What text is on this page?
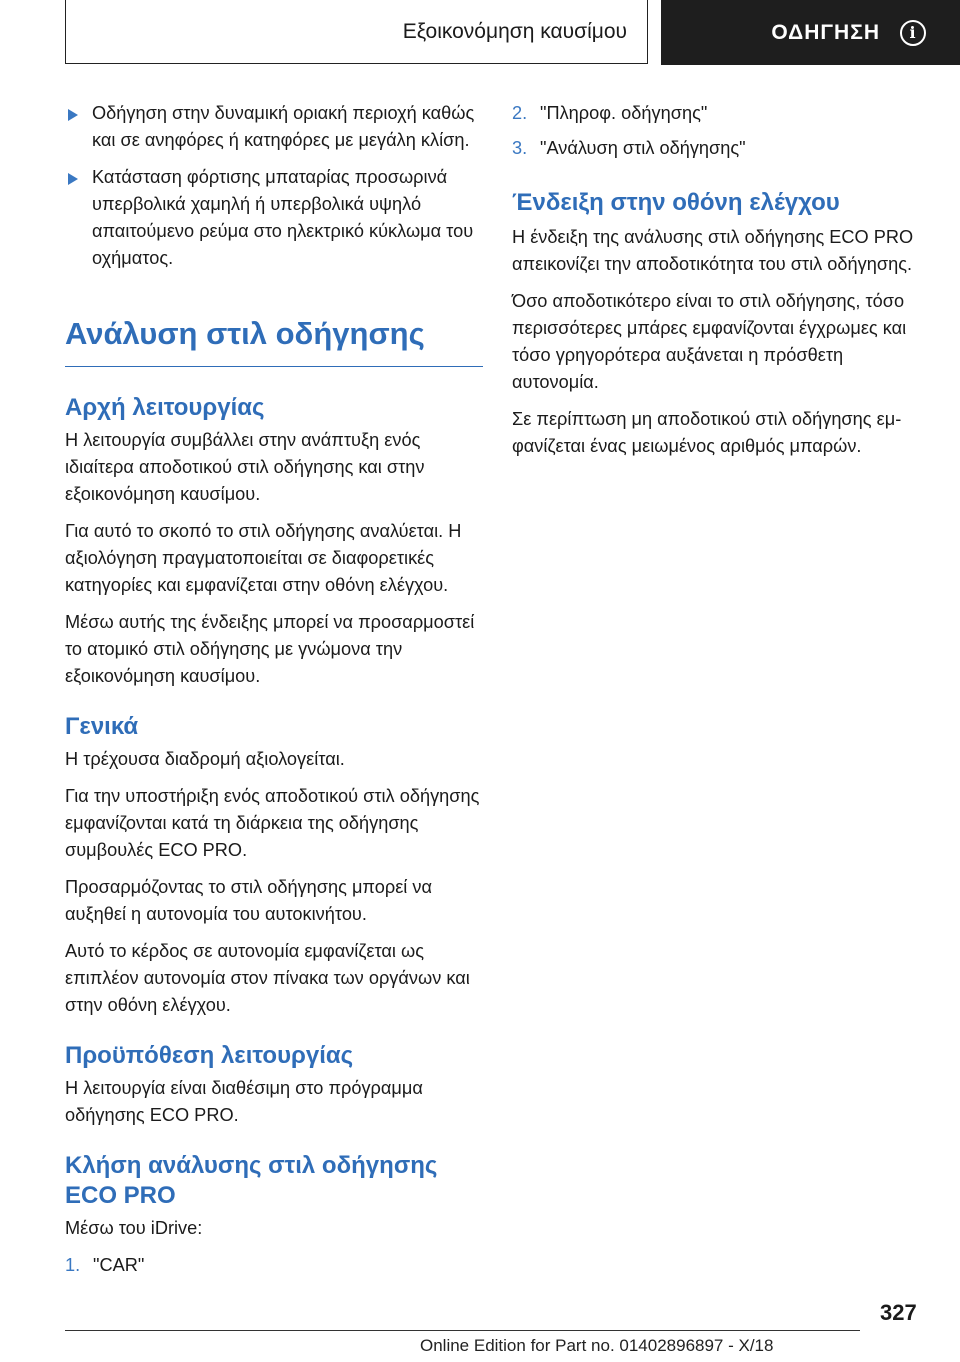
Εξοικονόμηση καυσίμου	ΟΔΗΓΗΣΗ	i
Οδήγηση στην δυναμική οριακή περιοχή καθώς και σε ανηφόρες ή κατηφόρες με μεγάλη κλίση.
Κατάσταση φόρτισης μπαταρίας προσωρινά υπερβολικά χαμηλή ή υπερβολικά υψηλό απαιτούμενο ρεύμα στο ηλεκτρικό κύκλωμα του οχήματος.
Ανάλυση στιλ οδήγησης
Αρχή λειτουργίας

Η λειτουργία συμβάλλει στην ανάπτυξη ενός ιδιαίτερα αποδοτικού στιλ οδήγησης και στην εξοικονόμηση καυσίμου.

Για αυτό το σκοπό το στιλ οδήγησης αναλύεται. Η αξιολόγηση πραγματοποιείται σε διαφορετικές κατηγορίες και εμφανίζεται στην οθόνη ελέγχου.

Μέσω αυτής της ένδειξης μπορεί να προσαρμοστεί το ατομικό στιλ οδήγησης με γνώμονα την εξοικονόμηση καυσίμου.

Γενικά

Η τρέχουσα διαδρομή αξιολογείται.

Για την υποστήριξη ενός αποδοτικού στιλ οδήγησης εμφανίζονται κατά τη διάρκεια της οδήγησης συμβουλές ECO PRO.

Προσαρμόζοντας το στιλ οδήγησης μπορεί να αυξηθεί η αυτονομία του αυτοκινήτου.

Αυτό το κέρδος σε αυτονομία εμφανίζεται ως επιπλέον αυτονομία στον πίνακα των οργάνων και στην οθόνη ελέγχου.

Προϋπόθεση λειτουργίας

Η λειτουργία είναι διαθέσιμη στο πρόγραμμα οδήγησης ECO PRO.

Κλήση ανάλυσης στιλ οδήγησης ECO PRO

Μέσω του iDrive:

1. "CAR"
2. "Πληροφ. οδήγησης"
3. "Ανάλυση στιλ οδήγησης"
Ένδειξη στην οθόνη ελέγχου

Η ένδειξη της ανάλυσης στιλ οδήγησης ECO PRO απεικονίζει την αποδοτικότητα του στιλ οδήγησης.

Όσο αποδοτικότερο είναι το στιλ οδήγησης, τόσο περισσότερες μπάρες εμφανίζονται έγχρωμες και τόσο γρηγορότερα αυξάνεται η πρόσθετη αυτονομία.

Σε περίπτωση μη αποδοτικού στιλ οδήγησης εμφανίζεται ένας μειωμένος αριθμός μπαρών.

327
Online Edition for Part no. 01402896897 - X/18
